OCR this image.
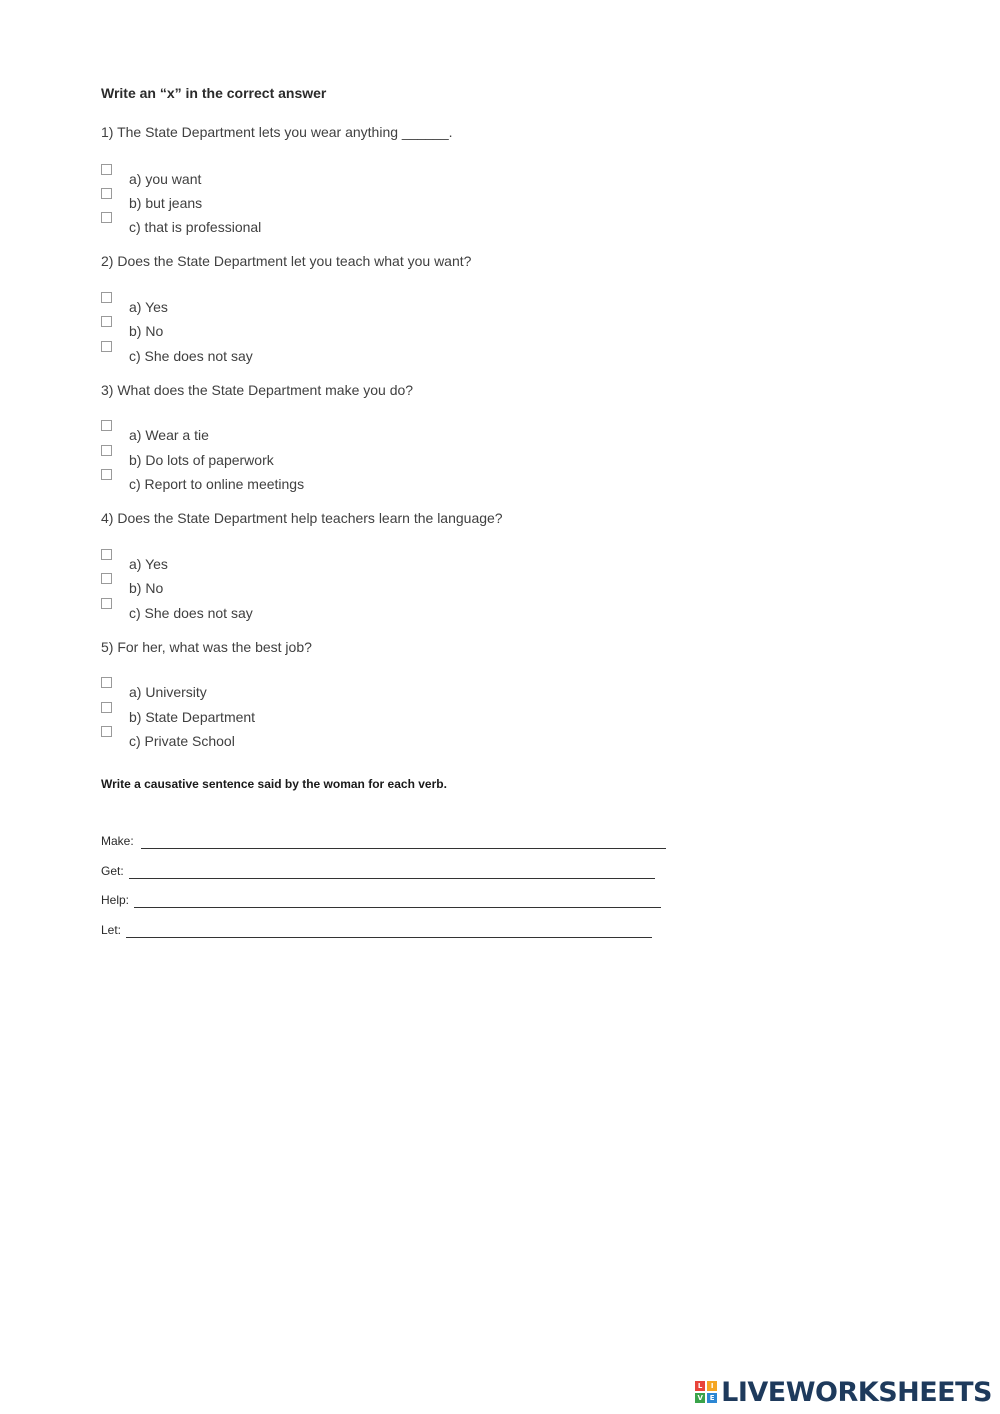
Write an “x” in the correct answer

1) The State Department lets you wear anything ______.

a) you want
b) but jeans
c) that is professional

2) Does the State Department let you teach what you want?

a) Yes
b) No
c) She does not say

3) What does the State Department make you do?

a) Wear a tie
b) Do lots of paperwork
c) Report to online meetings

4) Does the State Department help teachers learn the language?

a) Yes
b) No
c) She does not say

5) For her, what was the best job?

a) University
b) State Department
c) Private School

Write a causative sentence said by the woman for each verb.

Make:
Get:
Help:
Let:
L	I
V E LIVEWORKSHEETS
